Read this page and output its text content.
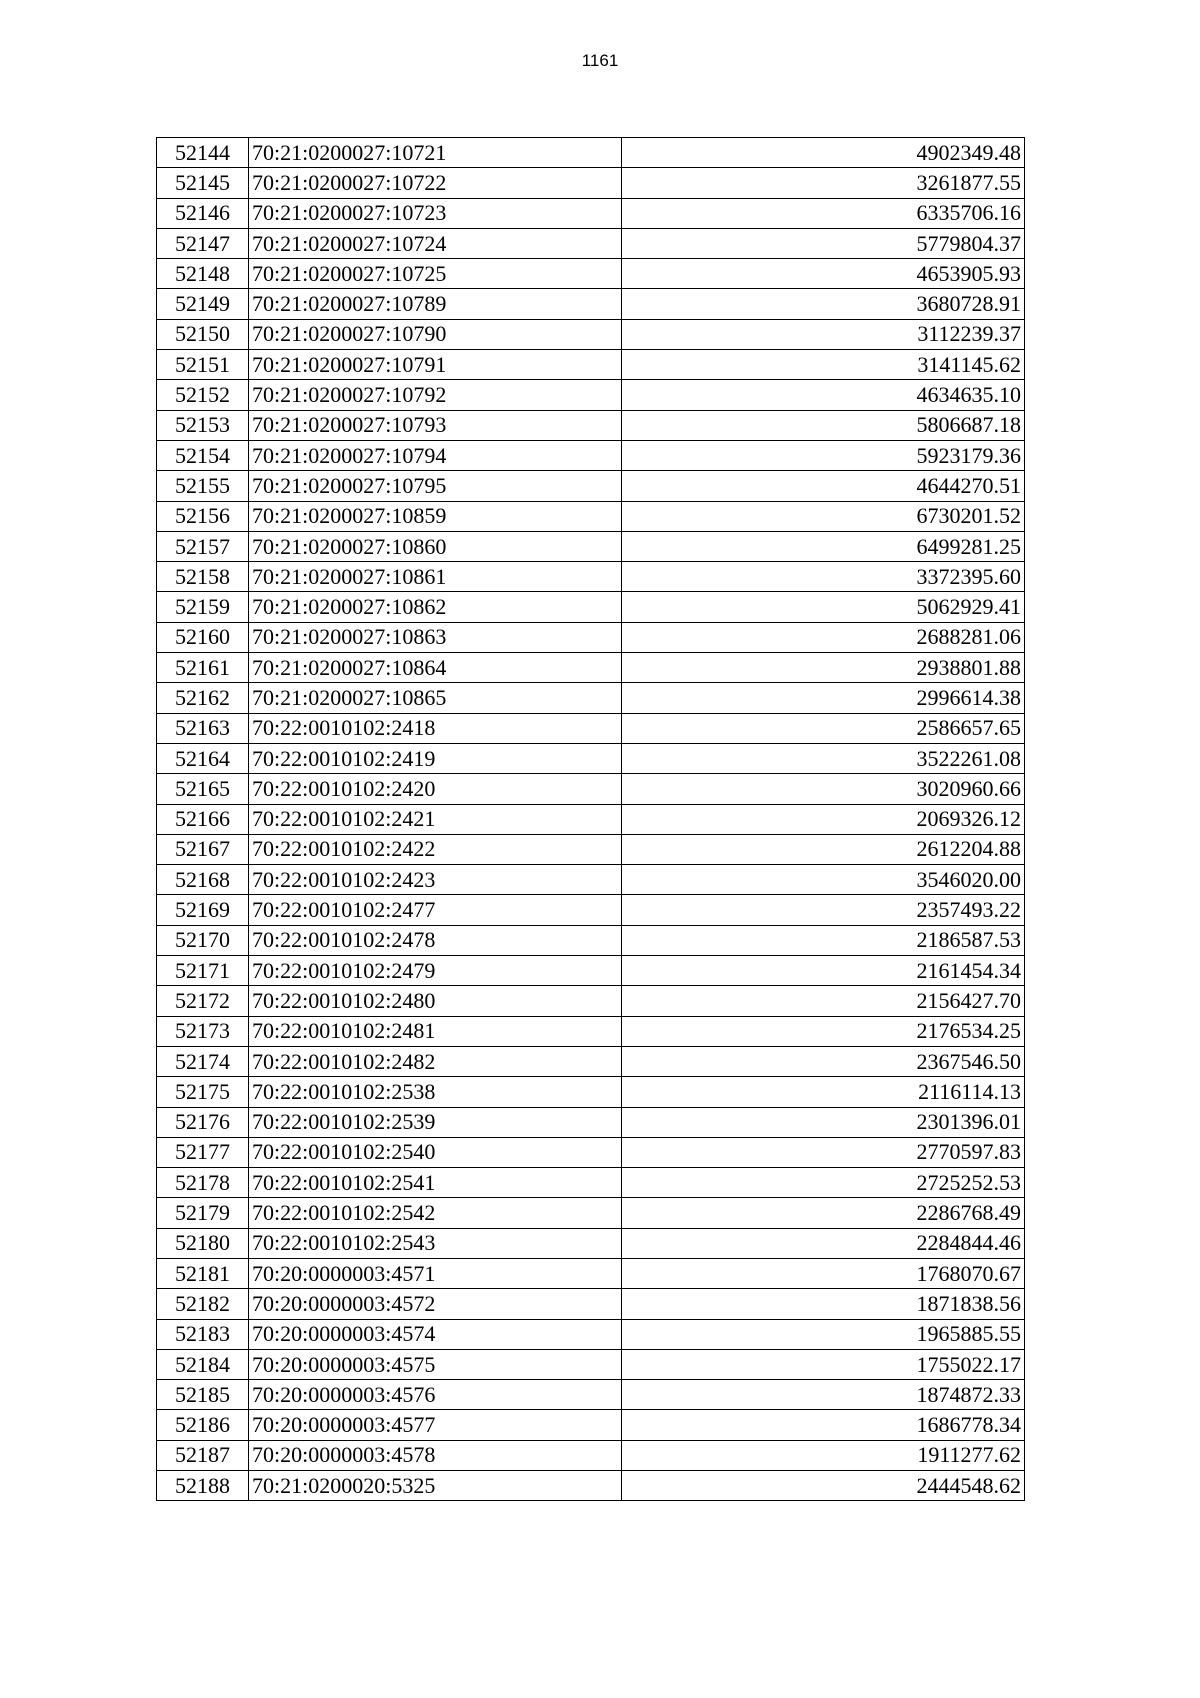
1161
52144	70:21:0200027:10721	4902349.48
52145	70:21:0200027:10722	3261877.55
52146	70:21:0200027:10723	6335706.16
52147	70:21:0200027:10724	5779804.37
52148	70:21:0200027:10725	4653905.93
52149	70:21:0200027:10789	3680728.91
52150	70:21:0200027:10790	3112239.37
52151	70:21:0200027:10791	3141145.62
52152	70:21:0200027:10792	4634635.10
52153	70:21:0200027:10793	5806687.18
52154	70:21:0200027:10794	5923179.36
52155	70:21:0200027:10795	4644270.51
52156	70:21:0200027:10859	6730201.52
52157	70:21:0200027:10860	6499281.25
52158	70:21:0200027:10861	3372395.60
52159	70:21:0200027:10862	5062929.41
52160	70:21:0200027:10863	2688281.06
52161	70:21:0200027:10864	2938801.88
52162	70:21:0200027:10865	2996614.38
52163	70:22:0010102:2418	2586657.65
52164	70:22:0010102:2419	3522261.08
52165	70:22:0010102:2420	3020960.66
52166	70:22:0010102:2421	2069326.12
52167	70:22:0010102:2422	2612204.88
52168	70:22:0010102:2423	3546020.00
52169	70:22:0010102:2477	2357493.22
52170	70:22:0010102:2478	2186587.53
52171	70:22:0010102:2479	2161454.34
52172	70:22:0010102:2480	2156427.70
52173	70:22:0010102:2481	2176534.25
52174	70:22:0010102:2482	2367546.50
52175	70:22:0010102:2538	2116114.13
52176	70:22:0010102:2539	2301396.01
52177	70:22:0010102:2540	2770597.83
52178	70:22:0010102:2541	2725252.53
52179	70:22:0010102:2542	2286768.49
52180	70:22:0010102:2543	2284844.46
52181	70:20:0000003:4571	1768070.67
52182	70:20:0000003:4572	1871838.56
52183	70:20:0000003:4574	1965885.55
52184	70:20:0000003:4575	1755022.17
52185	70:20:0000003:4576	1874872.33
52186	70:20:0000003:4577	1686778.34
52187	70:20:0000003:4578	1911277.62
52188	70:21:0200020:5325	2444548.62
